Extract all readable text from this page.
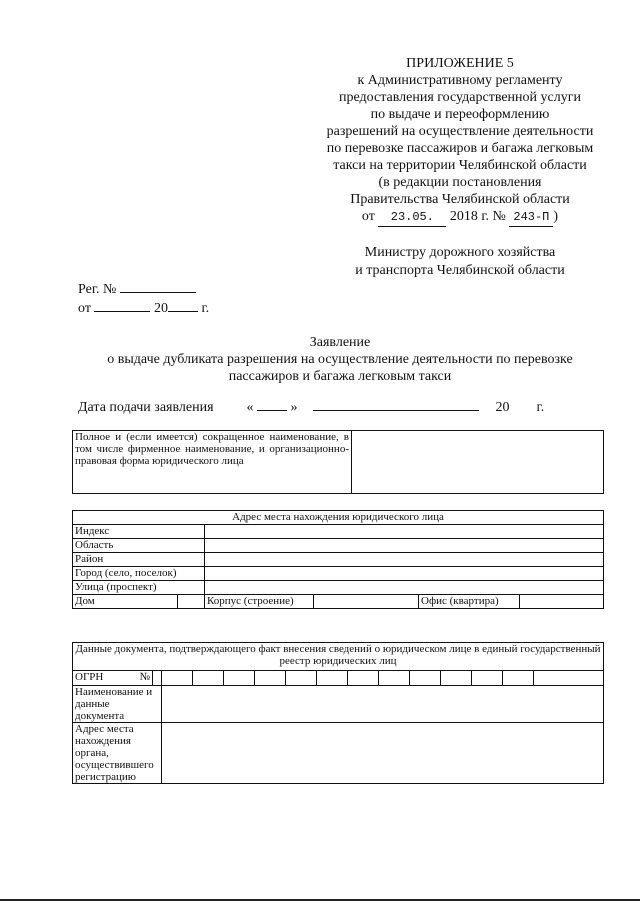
ПРИЛОЖЕНИЕ 5
к Административному регламенту
предоставления государственной услуги
по выдаче и переоформлению
разрешений на осуществление деятельности
по перевозке пассажиров и багажа легковым
такси на территории Челябинской области
(в редакции постановления
Правительства Челябинской области
от 23.05. 2018 г. № 243-П )
Министру дорожного хозяйства
и транспорта Челябинской области
Рег. №
от	20 г.
Заявление
о выдаче дубликата разрешения на осуществление деятельности по перевозке
пассажиров и багажа легковым такси
Дата подачи заявления «	»	20 г.
Полное и (если имеется) сокращенное наименование, в том числе фирменное наименование, и организационно-правовая форма юридического лица	
Адрес места нахождения юридического лица					
Индекс					
Область					
Район					
Город (село, поселок)					
Улица (проспект)					
Дом		Корпус (строение)		Офис (квартира)	
Данные документа, подтверждающего факт внесения сведений о юридическом лице в единый государственный реестр юридических лиц														
ОГРН №														

Наименование и данные документа														
Адрес места нахождения органа, осуществившего регистрацию														
